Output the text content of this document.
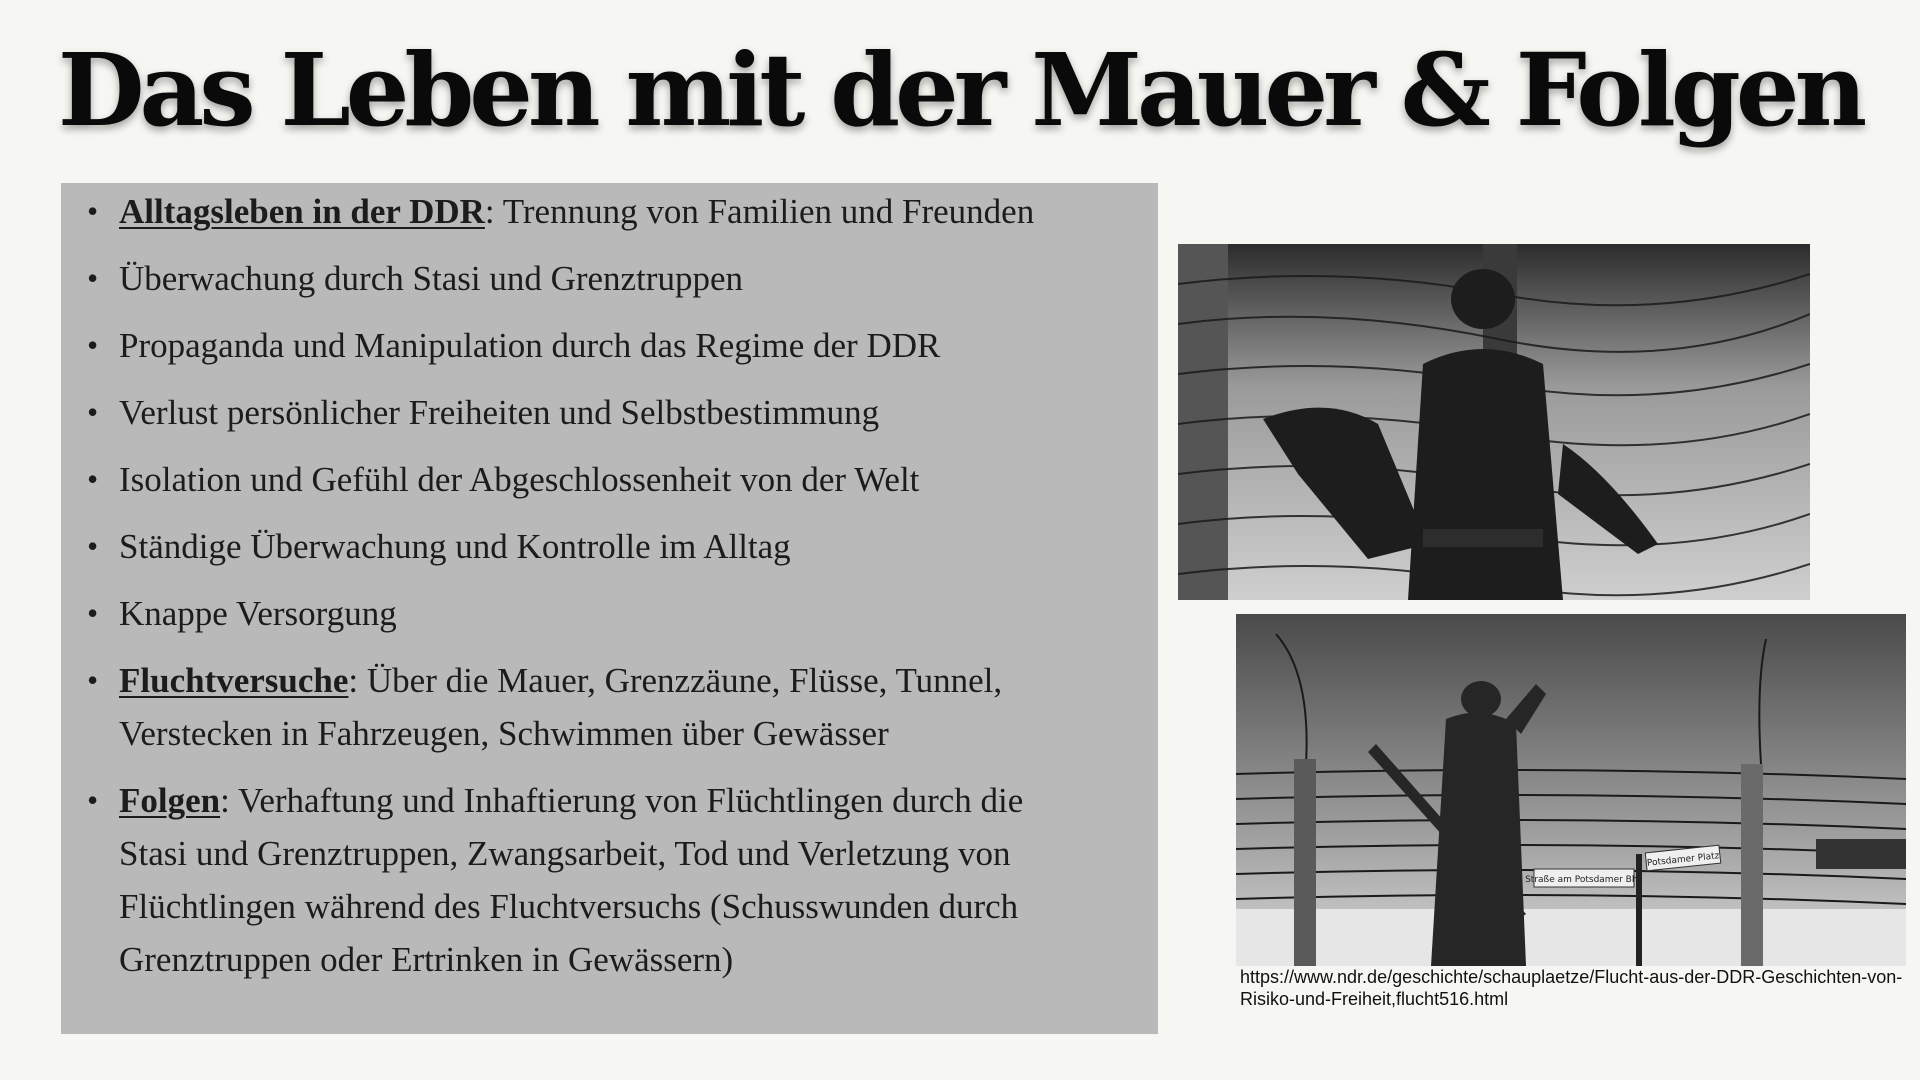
Das Leben mit der Mauer & Folgen
• Alltagsleben in der DDR: Trennung von Familien und Freunden
• Überwachung durch Stasi und Grenztruppen
• Propaganda und Manipulation durch das Regime der DDR
• Verlust persönlicher Freiheiten und Selbstbestimmung
• Isolation und Gefühl der Abgeschlossenheit von der Welt
• Ständige Überwachung und Kontrolle im Alltag
• Knappe Versorgung
• Fluchtversuche: Über die Mauer, Grenzzäune, Flüsse, Tunnel, Verstecken in Fahrzeugen, Schwimmen über Gewässer
• Folgen: Verhaftung und Inhaftierung von Flüchtlingen durch die Stasi und Grenztruppen, Zwangsarbeit, Tod und Verletzung von Flüchtlingen während des Fluchtversuchs (Schusswunden durch Grenztruppen oder Ertrinken in Gewässern)
Straße am Potsdamer Bhf.
Potsdamer Platz
https://www.ndr.de/geschichte/schauplaetze/Flucht-aus-der-DDR-Geschichten-von-Risiko-und-Freiheit,flucht516.html
